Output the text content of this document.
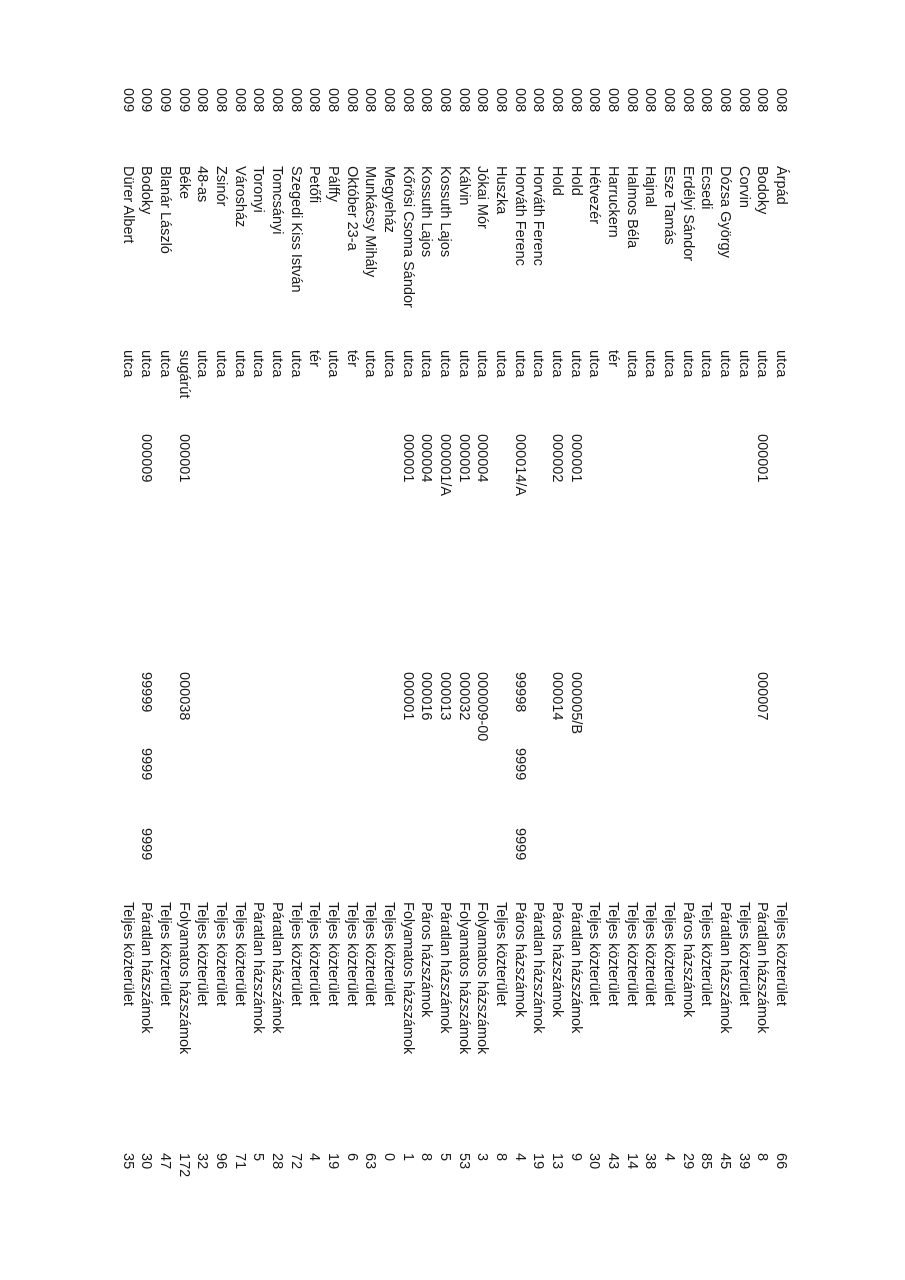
008
Árpád
utca
Teljes közterület
66
008
Bodoky
utca
000001
000007
Páratlan házszámok
8
008
Corvin
utca
Teljes közterület
39
008
Dózsa György
utca
Páratlan házszámok
45
008
Ecsedi
utca
Teljes közterület
85
008
Erdélyi Sándor
utca
Páros házszámok
29
008
Esze Tamás
utca
Teljes közterület
4
008
Hajnal
utca
Teljes közterület
38
008
Halmos Béla
utca
Teljes közterület
14
008
Harruckern
tér
Teljes közterület
43
008
Hétvezér
utca
Teljes közterület
30
008
Hold
utca
000001
000005/B
Páratlan házszámok
9
008
Hold
utca
000002
000014
Páros házszámok
13
008
Horváth Ferenc
utca
Páratlan házszámok
19
008
Horváth Ferenc
utca
000014/A
99998
9999
9999
Páros házszámok
4
008
Huszka
utca
Teljes közterület
8
008
Jókai Mór
utca
000004
000009-00
Folyamatos házszámok
3
008
Kálvin
utca
000001
000032
Folyamatos házszámok
53
008
Kossuth Lajos
utca
000001/A
000013
Páratlan házszámok
5
008
Kossuth Lajos
utca
000004
000016
Páros házszámok
8
008
Kőrösi Csoma Sándor
utca
000001
000001
Folyamatos házszámok
1
008
Megyeház
utca
Teljes közterület
0
008
Munkácsy Mihály
utca
Teljes közterület
63
008
Október 23-a
tér
Teljes közterület
6
008
Pálffy
utca
Teljes közterület
19
008
Petőfi
tér
Teljes közterület
4
008
Szegedi Kiss István
utca
Teljes közterület
72
008
Tomcsányi
utca
Páratlan házszámok
28
008
Toronyi
utca
Páratlan házszámok
5
008
Városház
utca
Teljes közterület
71
008
Zsinór
utca
Teljes közterület
96
008
48-as
utca
Teljes közterület
32
009
Béke
sugárút
000001
000038
Folyamatos házszámok
172
009
Blanár László
utca
Teljes közterület
47
009
Bodoky
utca
000009
99999
9999
9999
Páratlan házszámok
30
009
Dürer Albert
utca
Teljes közterület
35
